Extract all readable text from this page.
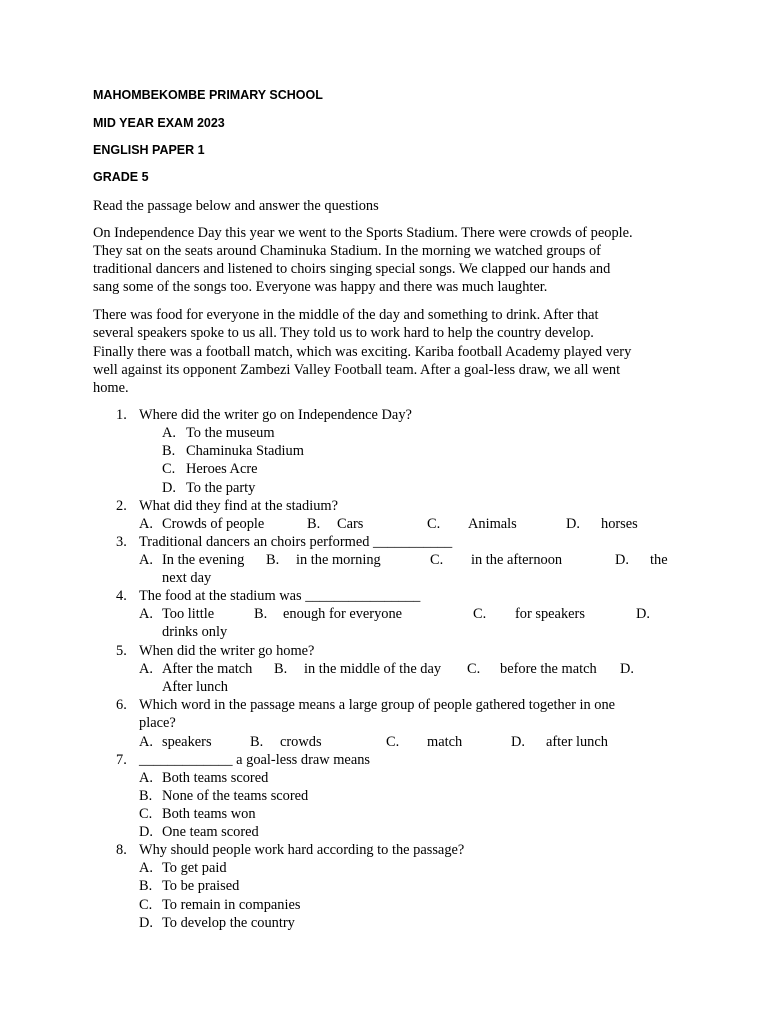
MAHOMBEKOMBE PRIMARY SCHOOL
MID YEAR EXAM 2023
ENGLISH PAPER 1
GRADE 5
Read the passage below and answer the questions
On Independence Day this year we went to the Sports Stadium. There were crowds of people.
They sat on the seats around Chaminuka Stadium. In the morning we watched groups of
traditional dancers and listened to choirs singing special songs. We clapped our hands and
sang some of the songs too. Everyone was happy and there was much laughter.
There was food for everyone in the middle of the day and something to drink. After that
several speakers spoke to us all. They told us to work hard to help the country develop.
Finally there was a football match, which was exciting. Kariba football Academy played very
well against its opponent Zambezi Valley Football team. After a goal-less draw, we all went
home.
1. Where did the writer go on Independence Day?
A. To the museum
B. Chaminuka Stadium
C. Heroes Acre
D. To the party
2. What did they find at the stadium?
A. Crowds of people	B. Cars	C. Animals	D. horses
3. Traditional dancers an choirs performed ___________
A. In the evening B. in the morning	C. in the afternoon	D. the
next day
4. The food at the stadium was ________________
A. Too little	B. enough for everyone	C. for speakers	D.
drinks only
5. When did the writer go home?
A. After the match B. in the middle of the day C. before the match D.
After lunch
6. Which word in the passage means a large group of people gathered together in one
place?
A. speakers	B. crowds	C. match	D. after lunch
7. _____________ a goal-less draw means
A. Both teams scored
B. None of the teams scored
C. Both teams won
D. One team scored
8. Why should people work hard according to the passage?
A. To get paid
B. To be praised
C. To remain in companies
D. To develop the country
